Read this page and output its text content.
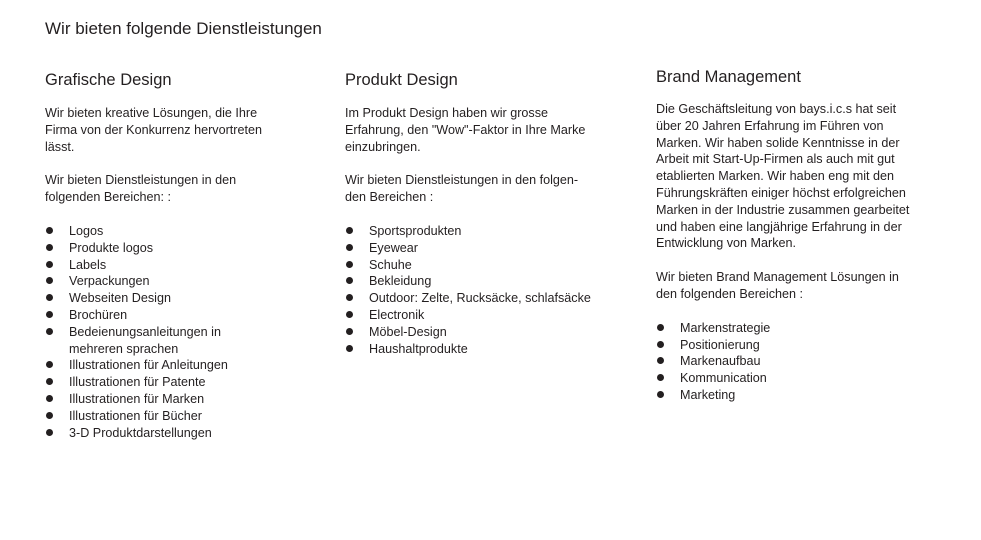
Wir bieten folgende Dienstleistungen
Grafische Design

Wir bieten kreative Lösungen, die Ihre
Firma von der Konkurrenz hervortreten
lässt.

Wir bieten Dienstleistungen in den
folgenden Bereichen: :

Logos
Produkte logos
Labels
Verpackungen
Webseiten Design
Brochüren
Bedeienungsanleitungen in
mehreren sprachen
Illustrationen für Anleitungen
Illustrationen für Patente
Illustrationen für Marken
Illustrationen für Bücher
3-D Produktdarstellungen
Produkt Design

Im Produkt Design haben wir grosse
Erfahrung, den "Wow"-Faktor in Ihre Marke
einzubringen.

Wir bieten Dienstleistungen in den folgen-
den Bereichen :

Sportsprodukten
Eyewear
Schuhe
Bekleidung
Outdoor: Zelte, Rucksäcke, schlafsäcke
Electronik
Möbel-Design
Haushaltprodukte
Brand Management

Die Geschäftsleitung von bays.i.c.s hat seit
über 20 Jahren Erfahrung im Führen von
Marken. Wir haben solide Kenntnisse in der
Arbeit mit Start-Up-Firmen als auch mit gut
etablierten Marken. Wir haben eng mit den
Führungskräften einiger höchst erfolgreichen
Marken in der Industrie zusammen gearbeitet
und haben eine langjährige Erfahrung in der
Entwicklung von Marken.

Wir bieten Brand Management Lösungen in
den folgenden Bereichen :

Markenstrategie
Positionierung
Markenaufbau
Kommunication
Marketing
